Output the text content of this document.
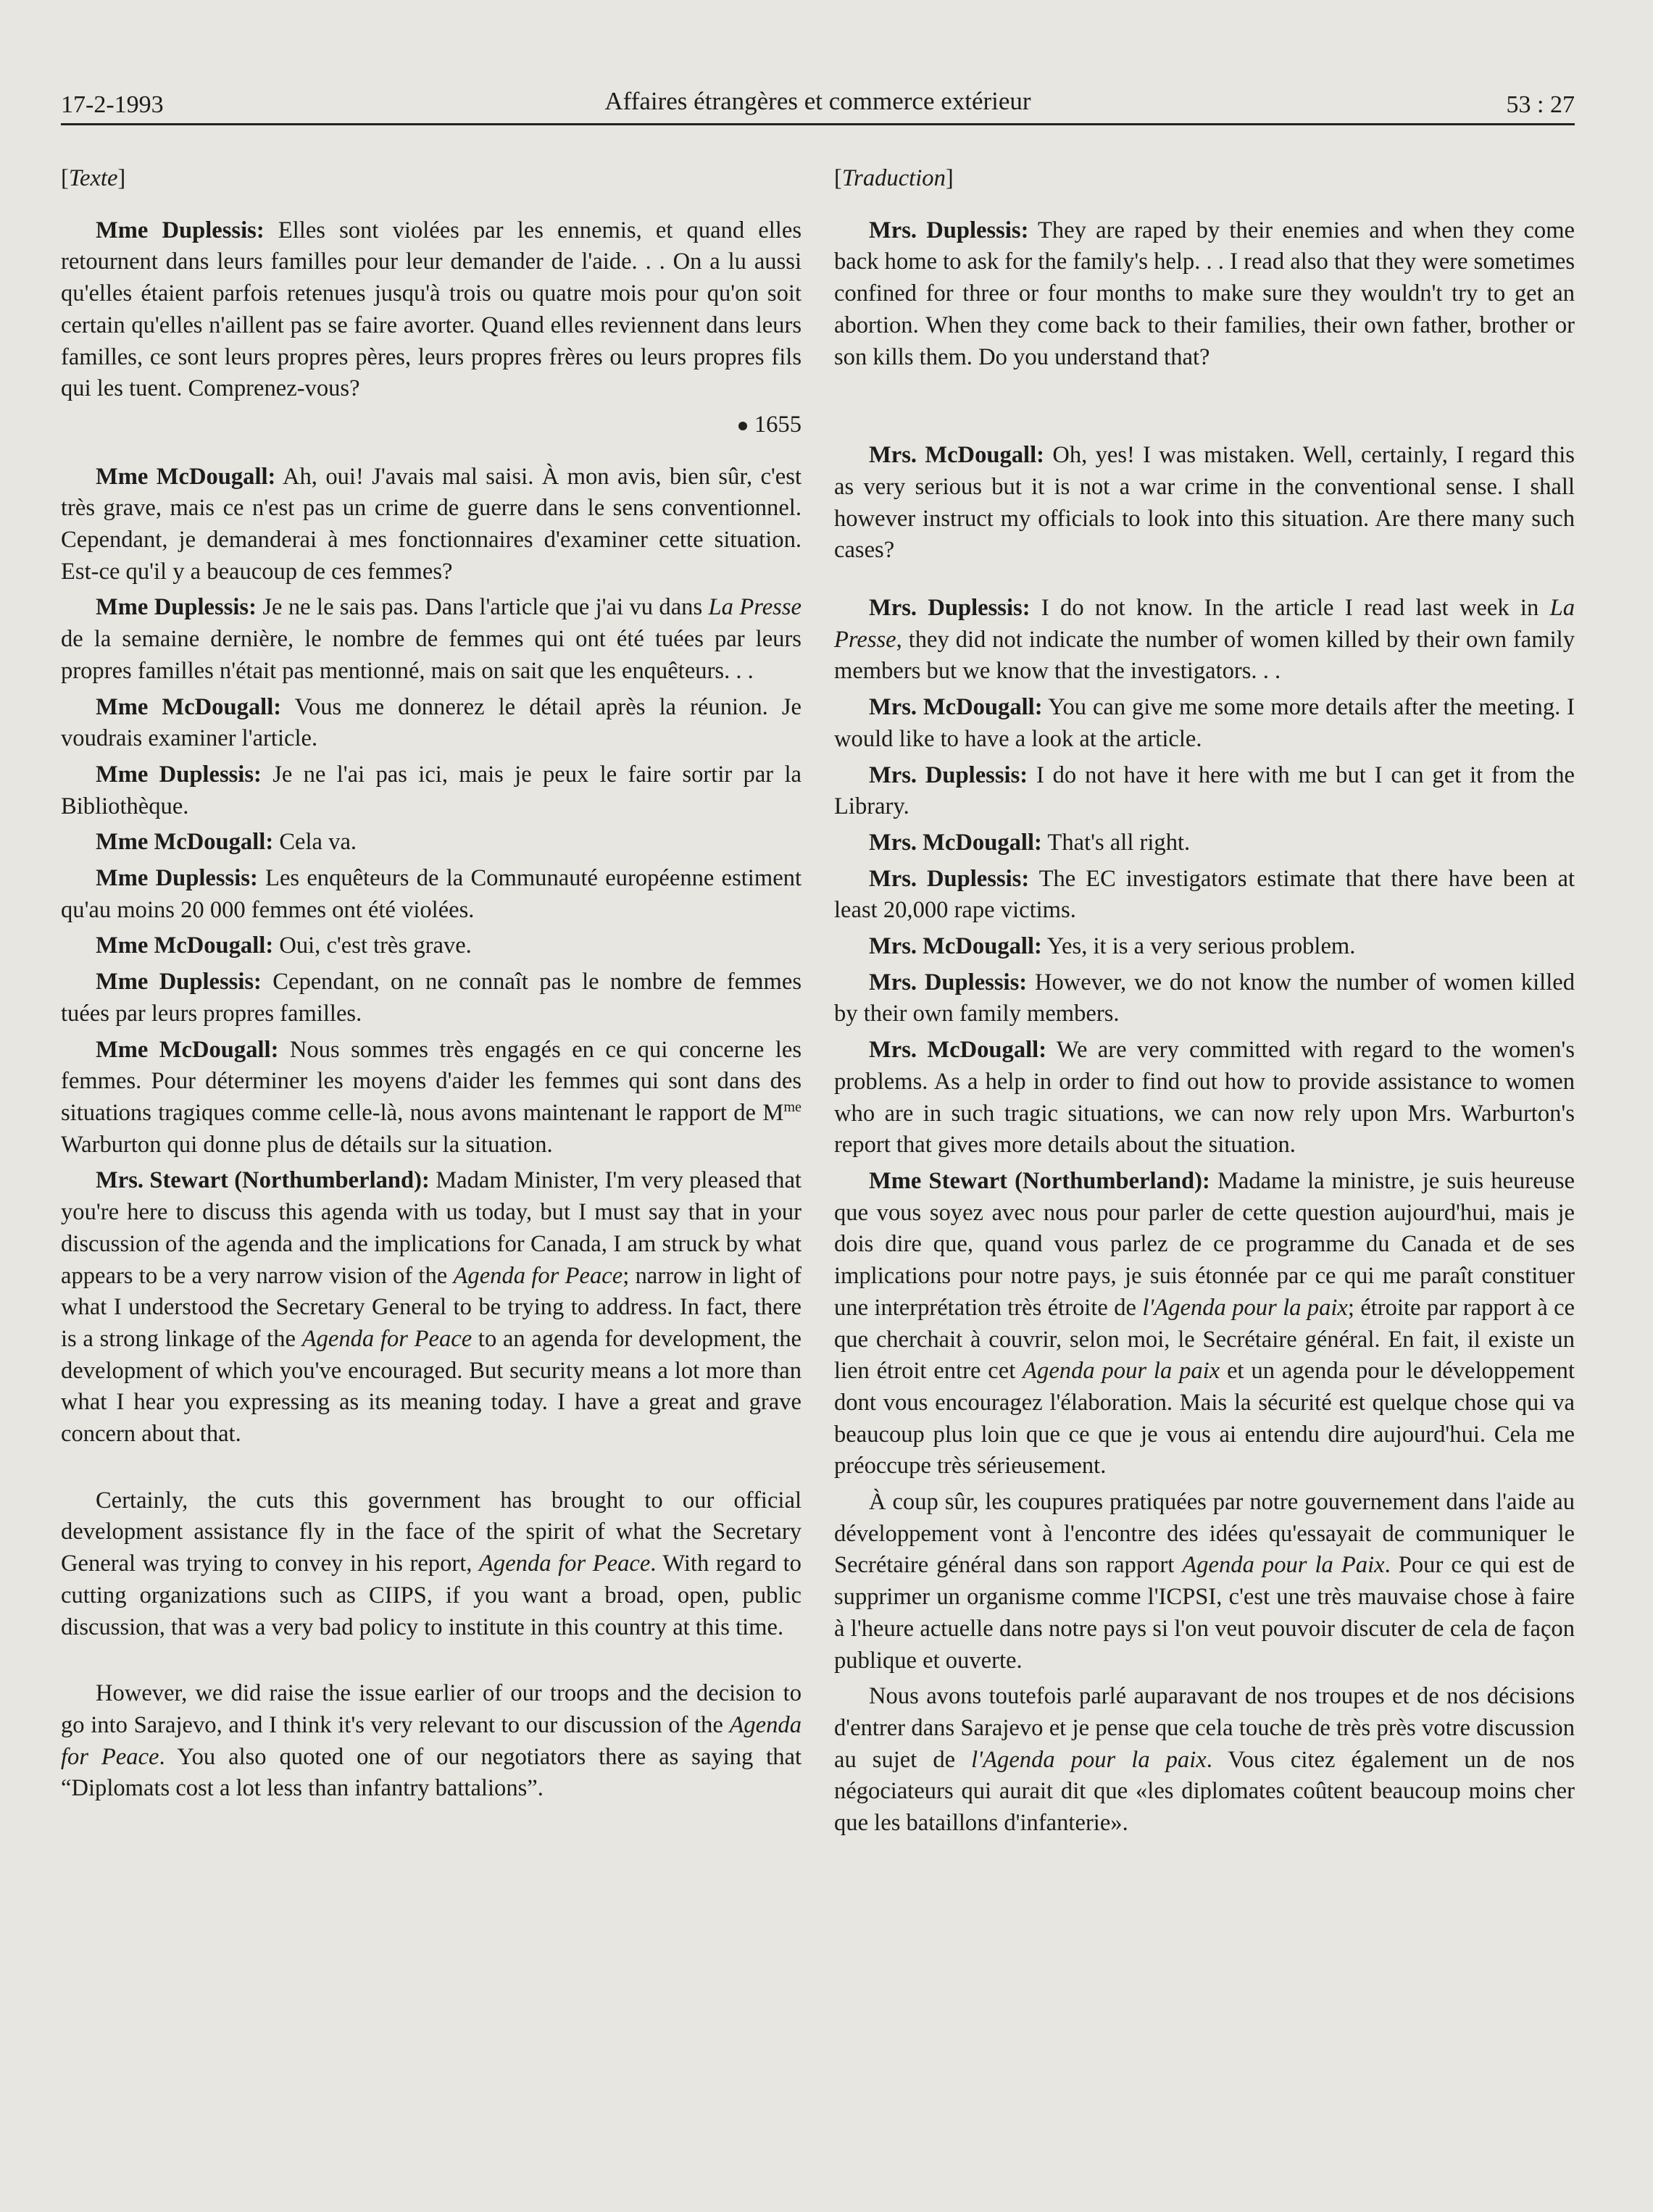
17-2-1993	Affaires étrangères et commerce extérieur	53 : 27

[Texte]

Mme Duplessis: Elles sont violées par les ennemis, et quand elles retournent dans leurs familles pour leur demander de l'aide. . . On a lu aussi qu'elles étaient parfois retenues jusqu'à trois ou quatre mois pour qu'on soit certain qu'elles n'aillent pas se faire avorter. Quand elles reviennent dans leurs familles, ce sont leurs propres pères, leurs propres frères ou leurs propres fils qui les tuent. Comprenez-vous?

1655

Mme McDougall: Ah, oui! J'avais mal saisi. À mon avis, bien sûr, c'est très grave, mais ce n'est pas un crime de guerre dans le sens conventionnel. Cependant, je demanderai à mes fonctionnaires d'examiner cette situation. Est-ce qu'il y a beaucoup de ces femmes?

Mme Duplessis: Je ne le sais pas. Dans l'article que j'ai vu dans La Presse de la semaine dernière, le nombre de femmes qui ont été tuées par leurs propres familles n'était pas mentionné, mais on sait que les enquêteurs. . .

Mme McDougall: Vous me donnerez le détail après la réunion. Je voudrais examiner l'article.

Mme Duplessis: Je ne l'ai pas ici, mais je peux le faire sortir par la Bibliothèque.

Mme McDougall: Cela va.

Mme Duplessis: Les enquêteurs de la Communauté européenne estiment qu'au moins 20 000 femmes ont été violées.

Mme McDougall: Oui, c'est très grave.

Mme Duplessis: Cependant, on ne connaît pas le nombre de femmes tuées par leurs propres familles.

Mme McDougall: Nous sommes très engagés en ce qui concerne les femmes. Pour déterminer les moyens d'aider les femmes qui sont dans des situations tragiques comme celle-là, nous avons maintenant le rapport de $M^{me}$ Warburton qui donne plus de détails sur la situation.

Mrs. Stewart (Northumberland): Madam Minister, I'm very pleased that you're here to discuss this agenda with us today, but I must say that in your discussion of the agenda and the implications for Canada, I am struck by what appears to be a very narrow vision of the Agenda for Peace; narrow in light of what I understood the Secretary General to be trying to address. In fact, there is a strong linkage of the Agenda for Peace to an agenda for development, the development of which you've encouraged. But security means a lot more than what I hear you expressing as its meaning today. I have a great and grave concern about that.

Certainly, the cuts this government has brought to our official development assistance fly in the face of the spirit of what the Secretary General was trying to convey in his report, Agenda for Peace. With regard to cutting organizations such as CIIPS, if you want a broad, open, public discussion, that was a very bad policy to institute in this country at this time.

However, we did raise the issue earlier of our troops and the decision to go into Sarajevo, and I think it's very relevant to our discussion of the Agenda for Peace. You also quoted one of our negotiators there as saying that “Diplomats cost a lot less than infantry battalions”.

[Traduction]

Mrs. Duplessis: They are raped by their enemies and when they come back home to ask for the family's help. . . I read also that they were sometimes confined for three or four months to make sure they wouldn't try to get an abortion. When they come back to their families, their own father, brother or son kills them. Do you understand that?

Mrs. McDougall: Oh, yes! I was mistaken. Well, certainly, I regard this as very serious but it is not a war crime in the conventional sense. I shall however instruct my officials to look into this situation. Are there many such cases?

Mrs. Duplessis: I do not know. In the article I read last week in La Presse, they did not indicate the number of women killed by their own family members but we know that the investigators. . .

Mrs. McDougall: You can give me some more details after the meeting. I would like to have a look at the article.

Mrs. Duplessis: I do not have it here with me but I can get it from the Library.

Mrs. McDougall: That's all right.

Mrs. Duplessis: The EC investigators estimate that there have been at least 20,000 rape victims.

Mrs. McDougall: Yes, it is a very serious problem.

Mrs. Duplessis: However, we do not know the number of women killed by their own family members.

Mrs. McDougall: We are very committed with regard to the women's problems. As a help in order to find out how to provide assistance to women who are in such tragic situations, we can now rely upon Mrs. Warburton's report that gives more details about the situation.

Mme Stewart (Northumberland): Madame la ministre, je suis heureuse que vous soyez avec nous pour parler de cette question aujourd'hui, mais je dois dire que, quand vous parlez de ce programme du Canada et de ses implications pour notre pays, je suis étonnée par ce qui me paraît constituer une interprétation très étroite de l'Agenda pour la paix; étroite par rapport à ce que cherchait à couvrir, selon moi, le Secrétaire général. En fait, il existe un lien étroit entre cet Agenda pour la paix et un agenda pour le développement dont vous encouragez l'élaboration. Mais la sécurité est quelque chose qui va beaucoup plus loin que ce que je vous ai entendu dire aujourd'hui. Cela me préoccupe très sérieusement.

À coup sûr, les coupures pratiquées par notre gouvernement dans l'aide au développement vont à l'encontre des idées qu'essayait de communiquer le Secrétaire général dans son rapport Agenda pour la Paix. Pour ce qui est de supprimer un organisme comme l'ICPSI, c'est une très mauvaise chose à faire à l'heure actuelle dans notre pays si l'on veut pouvoir discuter de cela de façon publique et ouverte.

Nous avons toutefois parlé auparavant de nos troupes et de nos décisions d'entrer dans Sarajevo et je pense que cela touche de très près votre discussion au sujet de l'Agenda pour la paix. Vous citez également un de nos négociateurs qui aurait dit que «les diplomates coûtent beaucoup moins cher que les bataillons d'infanterie».
